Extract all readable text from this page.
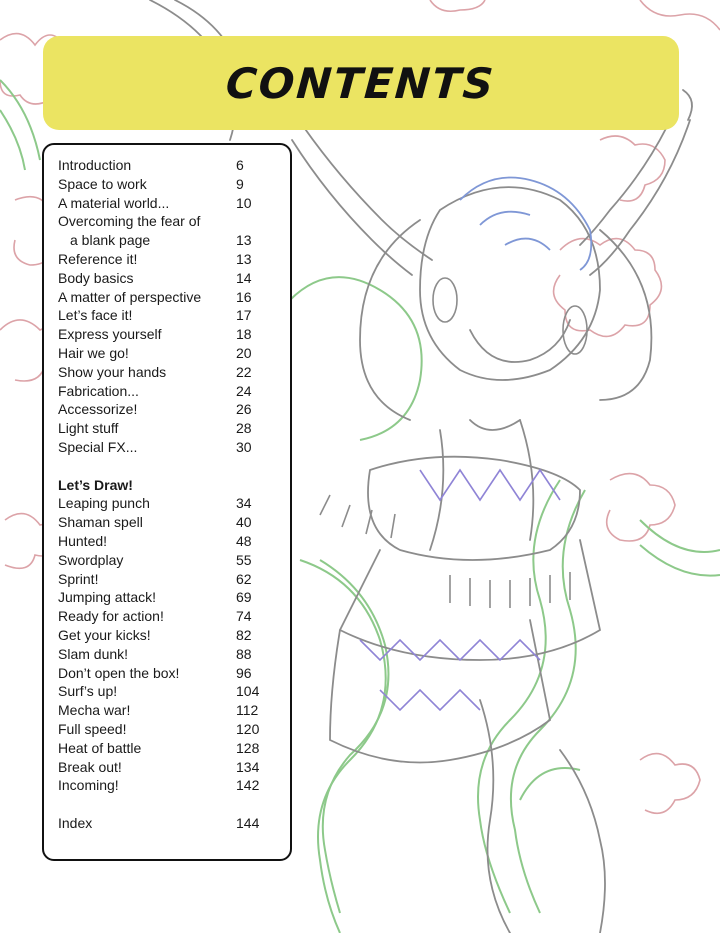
CONTENTS
Introduction	6
Space to work	9
A material world...	10
Overcoming the fear of
a blank page	13
Reference it!	13
Body basics	14
A matter of perspective 16
Let’s face it!	17
Express yourself	18
Hair we go!	20
Show your hands	22
Fabrication...	24
Accessorize!	26
Light stuff	28
Special FX...	30
Let’s Draw!
Leaping punch	34
Shaman spell	40
Hunted!	48
Swordplay	55
Sprint!	62
Jumping attack!	69
Ready for action!	74
Get your kicks!	82
Slam dunk!	88
Don’t open the box!	96
Surf’s up!	104
Mecha war!	112
Full speed!	120
Heat of battle	128
Break out!	134
Incoming!	142
Index	144
